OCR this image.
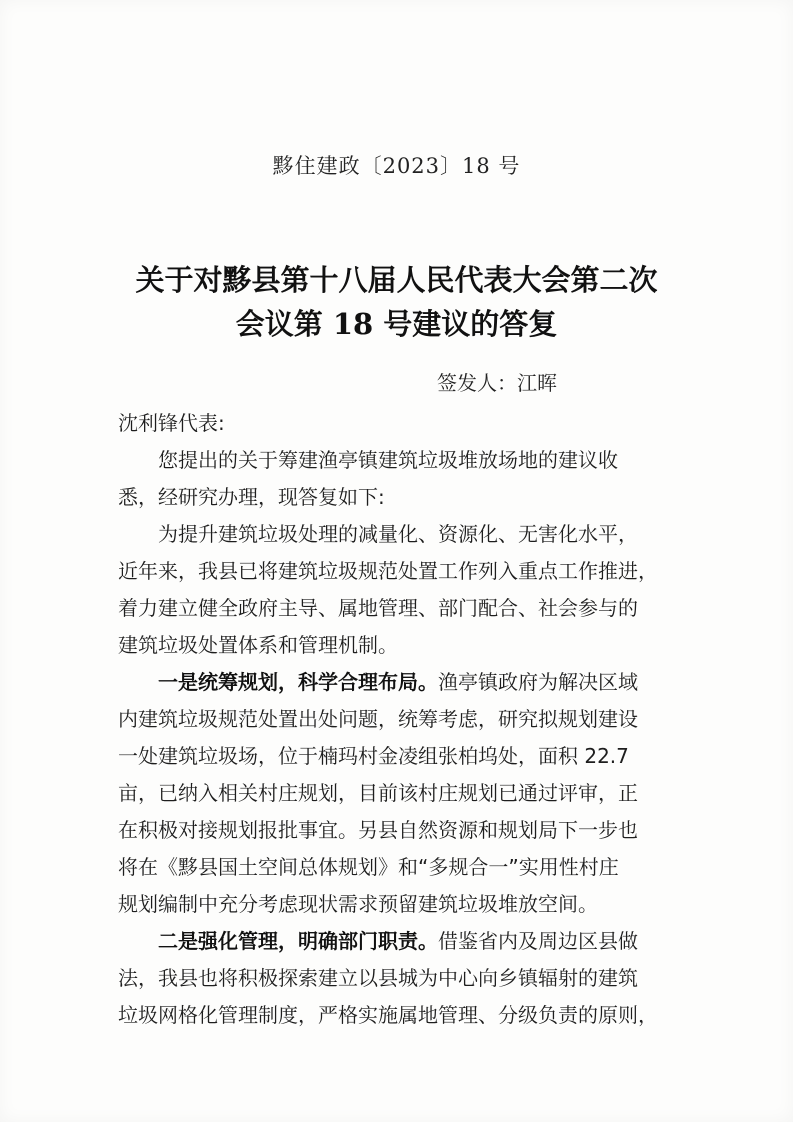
黟住建政〔2023〕18 号
关于对黟县第十八届人民代表大会第二次
会议第 18 号建议的答复
签发人：江晖
沈利锋代表:
您提出的关于筹建渔亭镇建筑垃圾堆放场地的建议收
悉，经研究办理，现答复如下:
为提升建筑垃圾处理的减量化、资源化、无害化水平，
近年来，我县已将建筑垃圾规范处置工作列入重点工作推进，
着力建立健全政府主导、属地管理、部门配合、社会参与的
建筑垃圾处置体系和管理机制。
一是统筹规划，科学合理布局。渔亭镇政府为解决区域
内建筑垃圾规范处置出处问题，统筹考虑，研究拟规划建设
一处建筑垃圾场，位于楠玛村金凌组张柏坞处，面积 22.7
亩，已纳入相关村庄规划，目前该村庄规划已通过评审，正
在积极对接规划报批事宜。另县自然资源和规划局下一步也
将在《黟县国土空间总体规划》和“多规合一”实用性村庄
规划编制中充分考虑现状需求预留建筑垃圾堆放空间。
二是强化管理，明确部门职责。借鉴省内及周边区县做
法，我县也将积极探索建立以县城为中心向乡镇辐射的建筑
垃圾网格化管理制度，严格实施属地管理、分级负责的原则，
